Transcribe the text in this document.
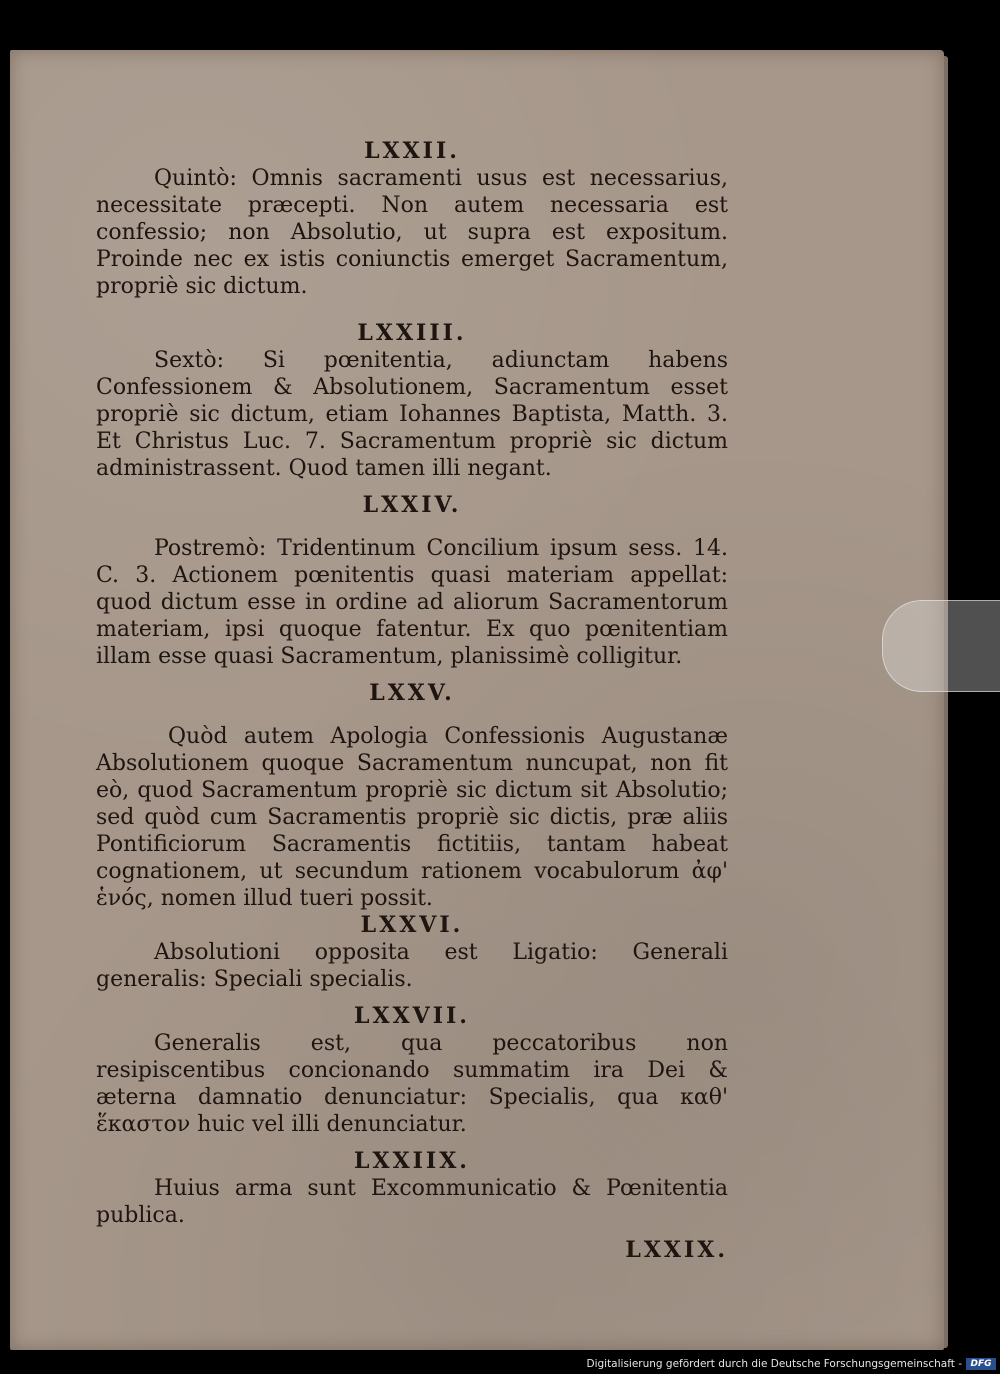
LXXII.

Quintò: Omnis sacramenti usus est necessarius, necessitate præcepti. Non autem necessaria est confessio; non Absolutio, ut supra est expositum. Proinde nec ex istis coniunctis emerget Sacramentum, propriè sic dictum.

LXXIII.

Sextò: Si pœnitentia, adiunctam habens Confessionem & Absolutionem, Sacramentum esset propriè sic dictum, etiam Iohannes Baptista, Matth. 3. Et Christus Luc. 7. Sacramentum propriè sic dictum administrassent. Quod tamen illi negant.

LXXIV.

Postremò: Tridentinum Concilium ipsum sess. 14. C. 3. Actionem pœnitentis quasi materiam appellat: quod dictum esse in ordine ad aliorum Sacramentorum materiam, ipsi quoque fatentur. Ex quo pœnitentiam illam esse quasi Sacramentum, planissimè colligitur.

LXXV.

Quòd autem Apologia Confessionis Augustanæ Absolutionem quoque Sacramentum nuncupat, non fit eò, quod Sacramentum propriè sic dictum sit Absolutio; sed quòd cum Sacramentis propriè sic dictis, præ aliis Pontificiorum Sacramentis fictitiis, tantam habeat cognationem, ut secundum rationem vocabulorum ἀφ' ἑνός, nomen illud tueri possit.

LXXVI.

Absolutioni opposita est Ligatio: Generali generalis: Speciali specialis.

LXXVII.

Generalis est, qua peccatoribus non resipiscentibus concionando summatim ira Dei & æterna damnatio denunciatur: Specialis, qua καθ' ἕκαστον huic vel illi denunciatur.

LXXIIX.

Huius arma sunt Excommunicatio & Pœnitentia publica.

LXXIX.
Digitalisierung gefördert durch die Deutsche Forschungsgemeinschaft - DFG
